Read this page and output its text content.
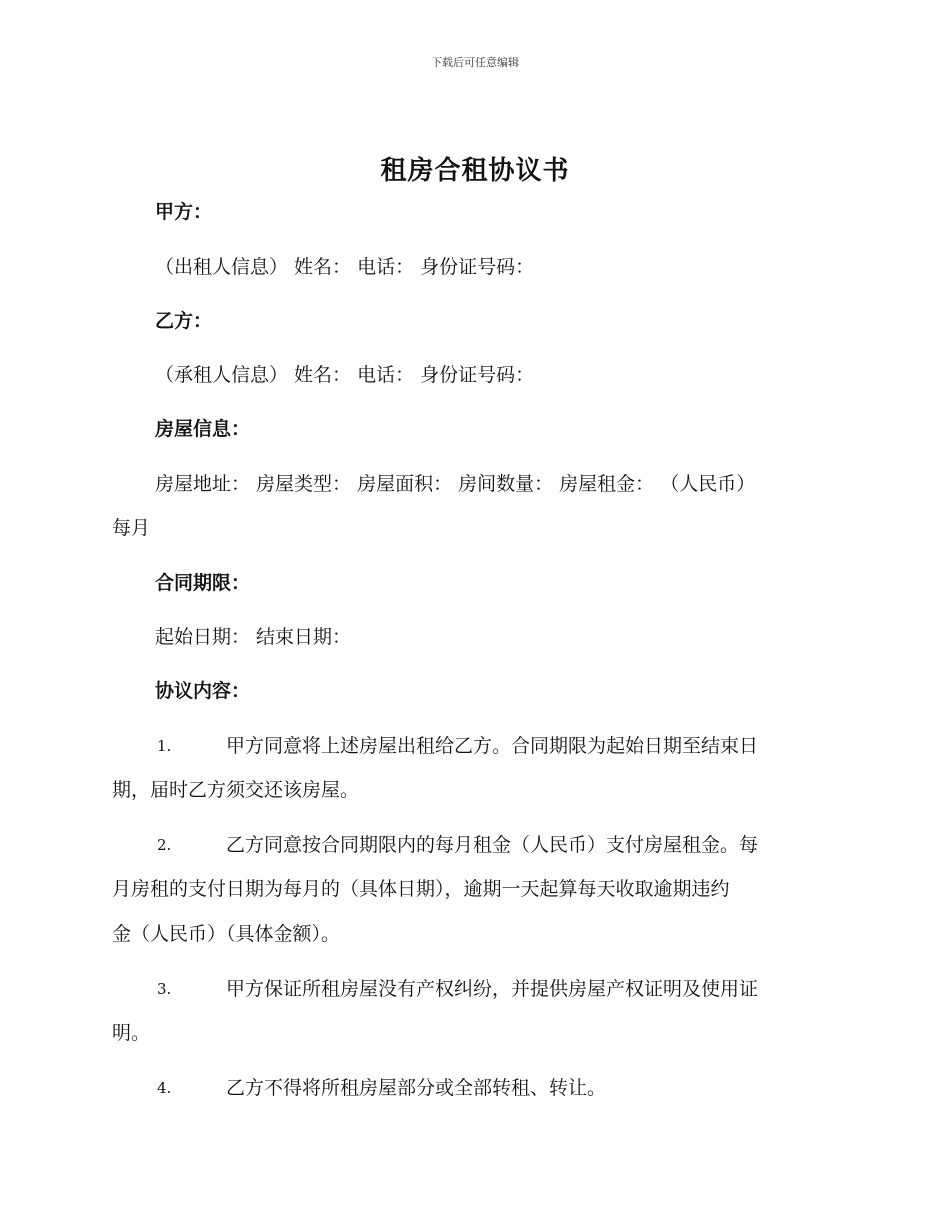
下载后可任意编辑
租房合租协议书
甲方：
（出租人信息） 姓名： 电话： 身份证号码：
乙方：
（承租人信息） 姓名： 电话： 身份证号码：
房屋信息：
房屋地址： 房屋类型： 房屋面积： 房间数量： 房屋租金： （人民币）
每月
合同期限：
起始日期： 结束日期：
协议内容：
1.	甲方同意将上述房屋出租给乙方。合同期限为起始日期至结束日
期，届时乙方须交还该房屋。
2.	乙方同意按合同期限内的每月租金（人民币）支付房屋租金。每
月房租的支付日期为每月的（具体日期），逾期一天起算每天收取逾期违约
金（人民币）（具体金额）。
3.	甲方保证所租房屋没有产权纠纷，并提供房屋产权证明及使用证
明。
4.	乙方不得将所租房屋部分或全部转租、转让。
